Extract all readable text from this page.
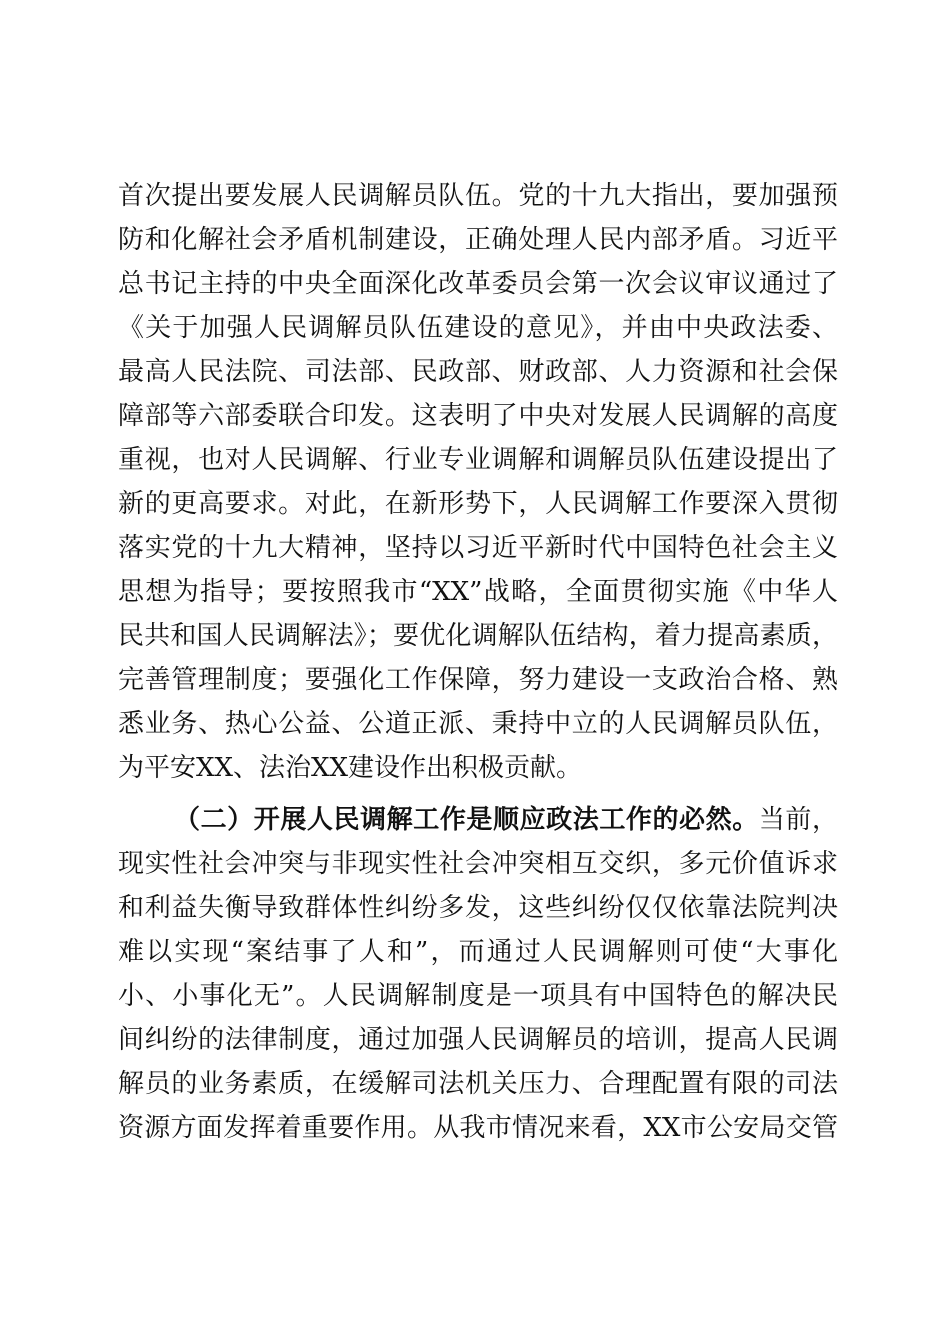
首次提出要发展人民调解员队伍。党的十九大指出，要加强预
防和化解社会矛盾机制建设，正确处理人民内部矛盾。习近平
总书记主持的中央全面深化改革委员会第一次会议审议通过了
《关于加强人民调解员队伍建设的意见》，并由中央政法委、
最高人民法院、司法部、民政部、财政部、人力资源和社会保
障部等六部委联合印发。这表明了中央对发展人民调解的高度
重视，也对人民调解、行业专业调解和调解员队伍建设提出了
新的更高要求。对此，在新形势下，人民调解工作要深入贯彻
落实党的十九大精神，坚持以习近平新时代中国特色社会主义
思想为指导；要按照我市“XX”战略，全面贯彻实施《中华人
民共和国人民调解法》；要优化调解队伍结构，着力提高素质，
完善管理制度；要强化工作保障，努力建设一支政治合格、熟
悉业务、热心公益、公道正派、秉持中立的人民调解员队伍，
为平安XX、法治XX建设作出积极贡献。
（二）开展人民调解工作是顺应政法工作的必然。当前，
现实性社会冲突与非现实性社会冲突相互交织，多元价值诉求
和利益失衡导致群体性纠纷多发，这些纠纷仅仅依靠法院判决
难以实现“案结事了人和”，而通过人民调解则可使“大事化
小、小事化无”。人民调解制度是一项具有中国特色的解决民
间纠纷的法律制度，通过加强人民调解员的培训，提高人民调
解员的业务素质，在缓解司法机关压力、合理配置有限的司法
资源方面发挥着重要作用。从我市情况来看，XX市公安局交管
